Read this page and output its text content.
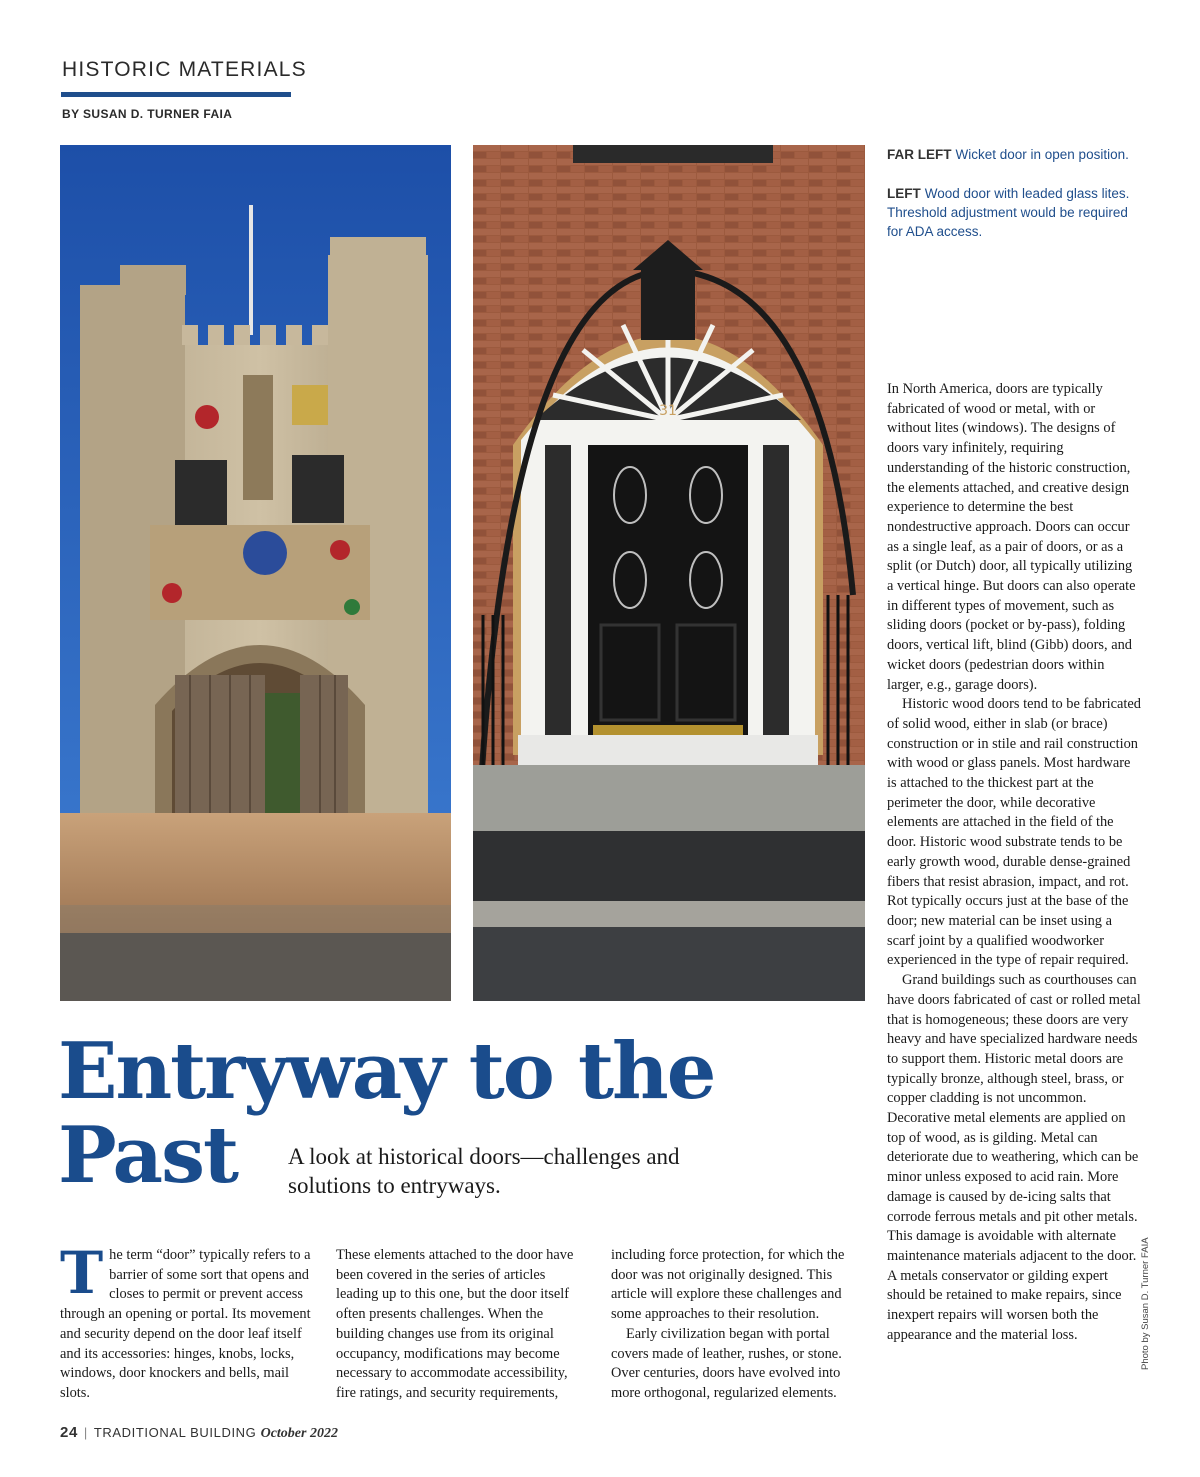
HISTORIC MATERIALS
BY SUSAN D. TURNER FAIA
31
FAR LEFT Wicket door in open position.
LEFT Wood door with leaded glass lites. Threshold adjustment would be required for ADA access.
Entryway to the
Past	A look at historical doors—challenges and solutions to entryways.

The term “door” typically refers to a barrier of some sort that opens and closes to permit or prevent access through an opening or portal. Its movement and security depend on the door leaf itself and its accessories: hinges, knobs, locks, windows, door knockers and bells, mail slots.

These elements attached to the door have been covered in the series of articles leading up to this one, but the door itself often presents challenges. When the building changes use from its original occupancy, modifications may become necessary to accommodate accessibility, fire ratings, and security requirements,

including force protection, for which the door was not originally designed. This article will explore these challenges and some approaches to their resolution.

Early civilization began with portal covers made of leather, rushes, or stone. Over centuries, doors have evolved into more orthogonal, regularized elements.

In North America, doors are typically fabricated of wood or metal, with or without lites (windows). The designs of doors vary infinitely, requiring understanding of the historic construction, the elements attached, and creative design experience to determine the best nondestructive approach. Doors can occur as a single leaf, as a pair of doors, or as a split (or Dutch) door, all typically utilizing a vertical hinge. But doors can also operate in different types of movement, such as sliding doors (pocket or by-pass), folding doors, vertical lift, blind (Gibb) doors, and wicket doors (pedestrian doors within larger, e.g., garage doors).

Historic wood doors tend to be fabricated of solid wood, either in slab (or brace) construction or in stile and rail construction with wood or glass panels. Most hardware is attached to the thickest part at the perimeter the door, while decorative elements are attached in the field of the door. Historic wood substrate tends to be early growth wood, durable dense-grained fibers that resist abrasion, impact, and rot. Rot typically occurs just at the base of the door; new material can be inset using a scarf joint by a qualified woodworker experienced in the type of repair required.

Grand buildings such as courthouses can have doors fabricated of cast or rolled metal that is homogeneous; these doors are very heavy and have specialized hardware needs to support them. Historic metal doors are typically bronze, although steel, brass, or copper cladding is not uncommon. Decorative metal elements are applied on top of wood, as is gilding. Metal can deteriorate due to weathering, which can be minor unless exposed to acid rain. More damage is caused by de-icing salts that corrode ferrous metals and pit other metals. This damage is avoidable with alternate maintenance materials adjacent to the door. A metals conservator or gilding expert should be retained to make repairs, since inexpert repairs will worsen both the appearance and the material loss.	Photo by Susan D. Turner FAIA
24 | TRADITIONAL BUILDING October 2022
